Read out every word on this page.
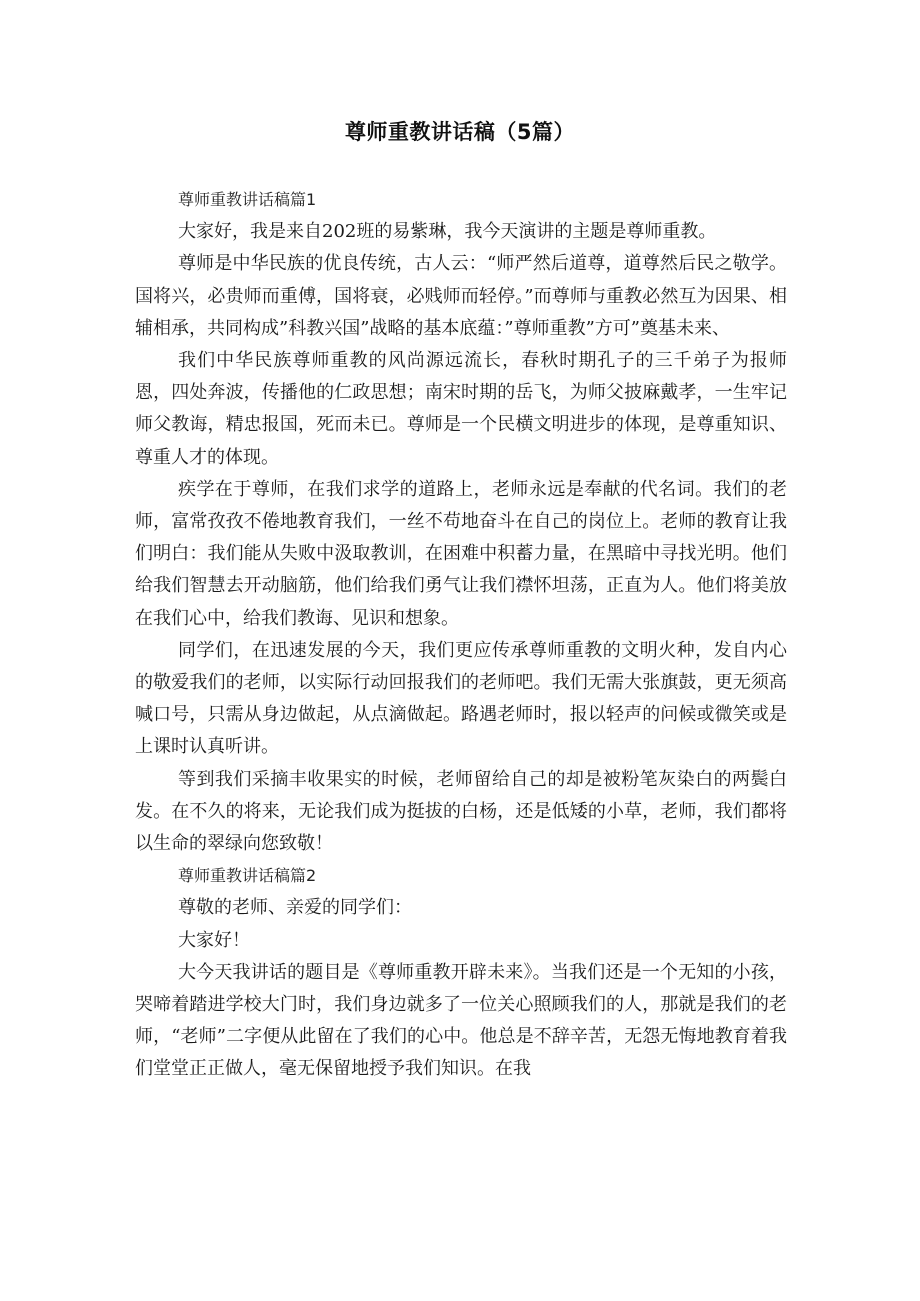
尊师重教讲话稿（5篇）

尊师重教讲话稿篇1

大家好，我是来自202班的易紫琳，我今天演讲的主题是尊师重教。

尊师是中华民族的优良传统，古人云：“师严然后道尊，道尊然后民之敬学。国将兴，必贵师而重傅，国将衰，必贱师而轻停。”而尊师与重教必然互为因果、相辅相承，共同构成”科教兴国”战略的基本底蕴：”尊师重教”方可”奠基未来、

我们中华民族尊师重教的风尚源远流长，春秋时期孔子的三千弟子为报师恩，四处奔波，传播他的仁政思想；南宋时期的岳飞，为师父披麻戴孝，一生牢记师父教诲，精忠报国，死而未已。尊师是一个民横文明进步的体现，是尊重知识、尊重人才的体现。

疾学在于尊师，在我们求学的道路上，老师永远是奉献的代名词。我们的老师，富常孜孜不倦地教育我们，一丝不苟地奋斗在自己的岗位上。老师的教育让我们明白：我们能从失败中汲取教训，在困难中积蓄力量，在黑暗中寻找光明。他们给我们智慧去开动脑筋，他们给我们勇气让我们襟怀坦荡，正直为人。他们将美放在我们心中，给我们教诲、见识和想象。

同学们，在迅速发展的今天，我们更应传承尊师重教的文明火种，发自内心的敬爱我们的老师，以实际行动回报我们的老师吧。我们无需大张旗鼓，更无须高喊口号，只需从身边做起，从点滴做起。路遇老师时，报以轻声的问候或微笑或是上课时认真听讲。

等到我们采摘丰收果实的时候，老师留给自己的却是被粉笔灰染白的两鬓白发。在不久的将来，无论我们成为挺拔的白杨，还是低矮的小草，老师，我们都将以生命的翠绿向您致敬！

尊师重教讲话稿篇2

尊敬的老师、亲爱的同学们：

大家好！

大今天我讲话的题目是《尊师重教开辟未来》。当我们还是一个无知的小孩，哭啼着踏进学校大门时，我们身边就多了一位关心照顾我们的人，那就是我们的老师，“老师”二字便从此留在了我们的心中。他总是不辞辛苦，无怨无悔地教育着我们堂堂正正做人，毫无保留地授予我们知识。在我
